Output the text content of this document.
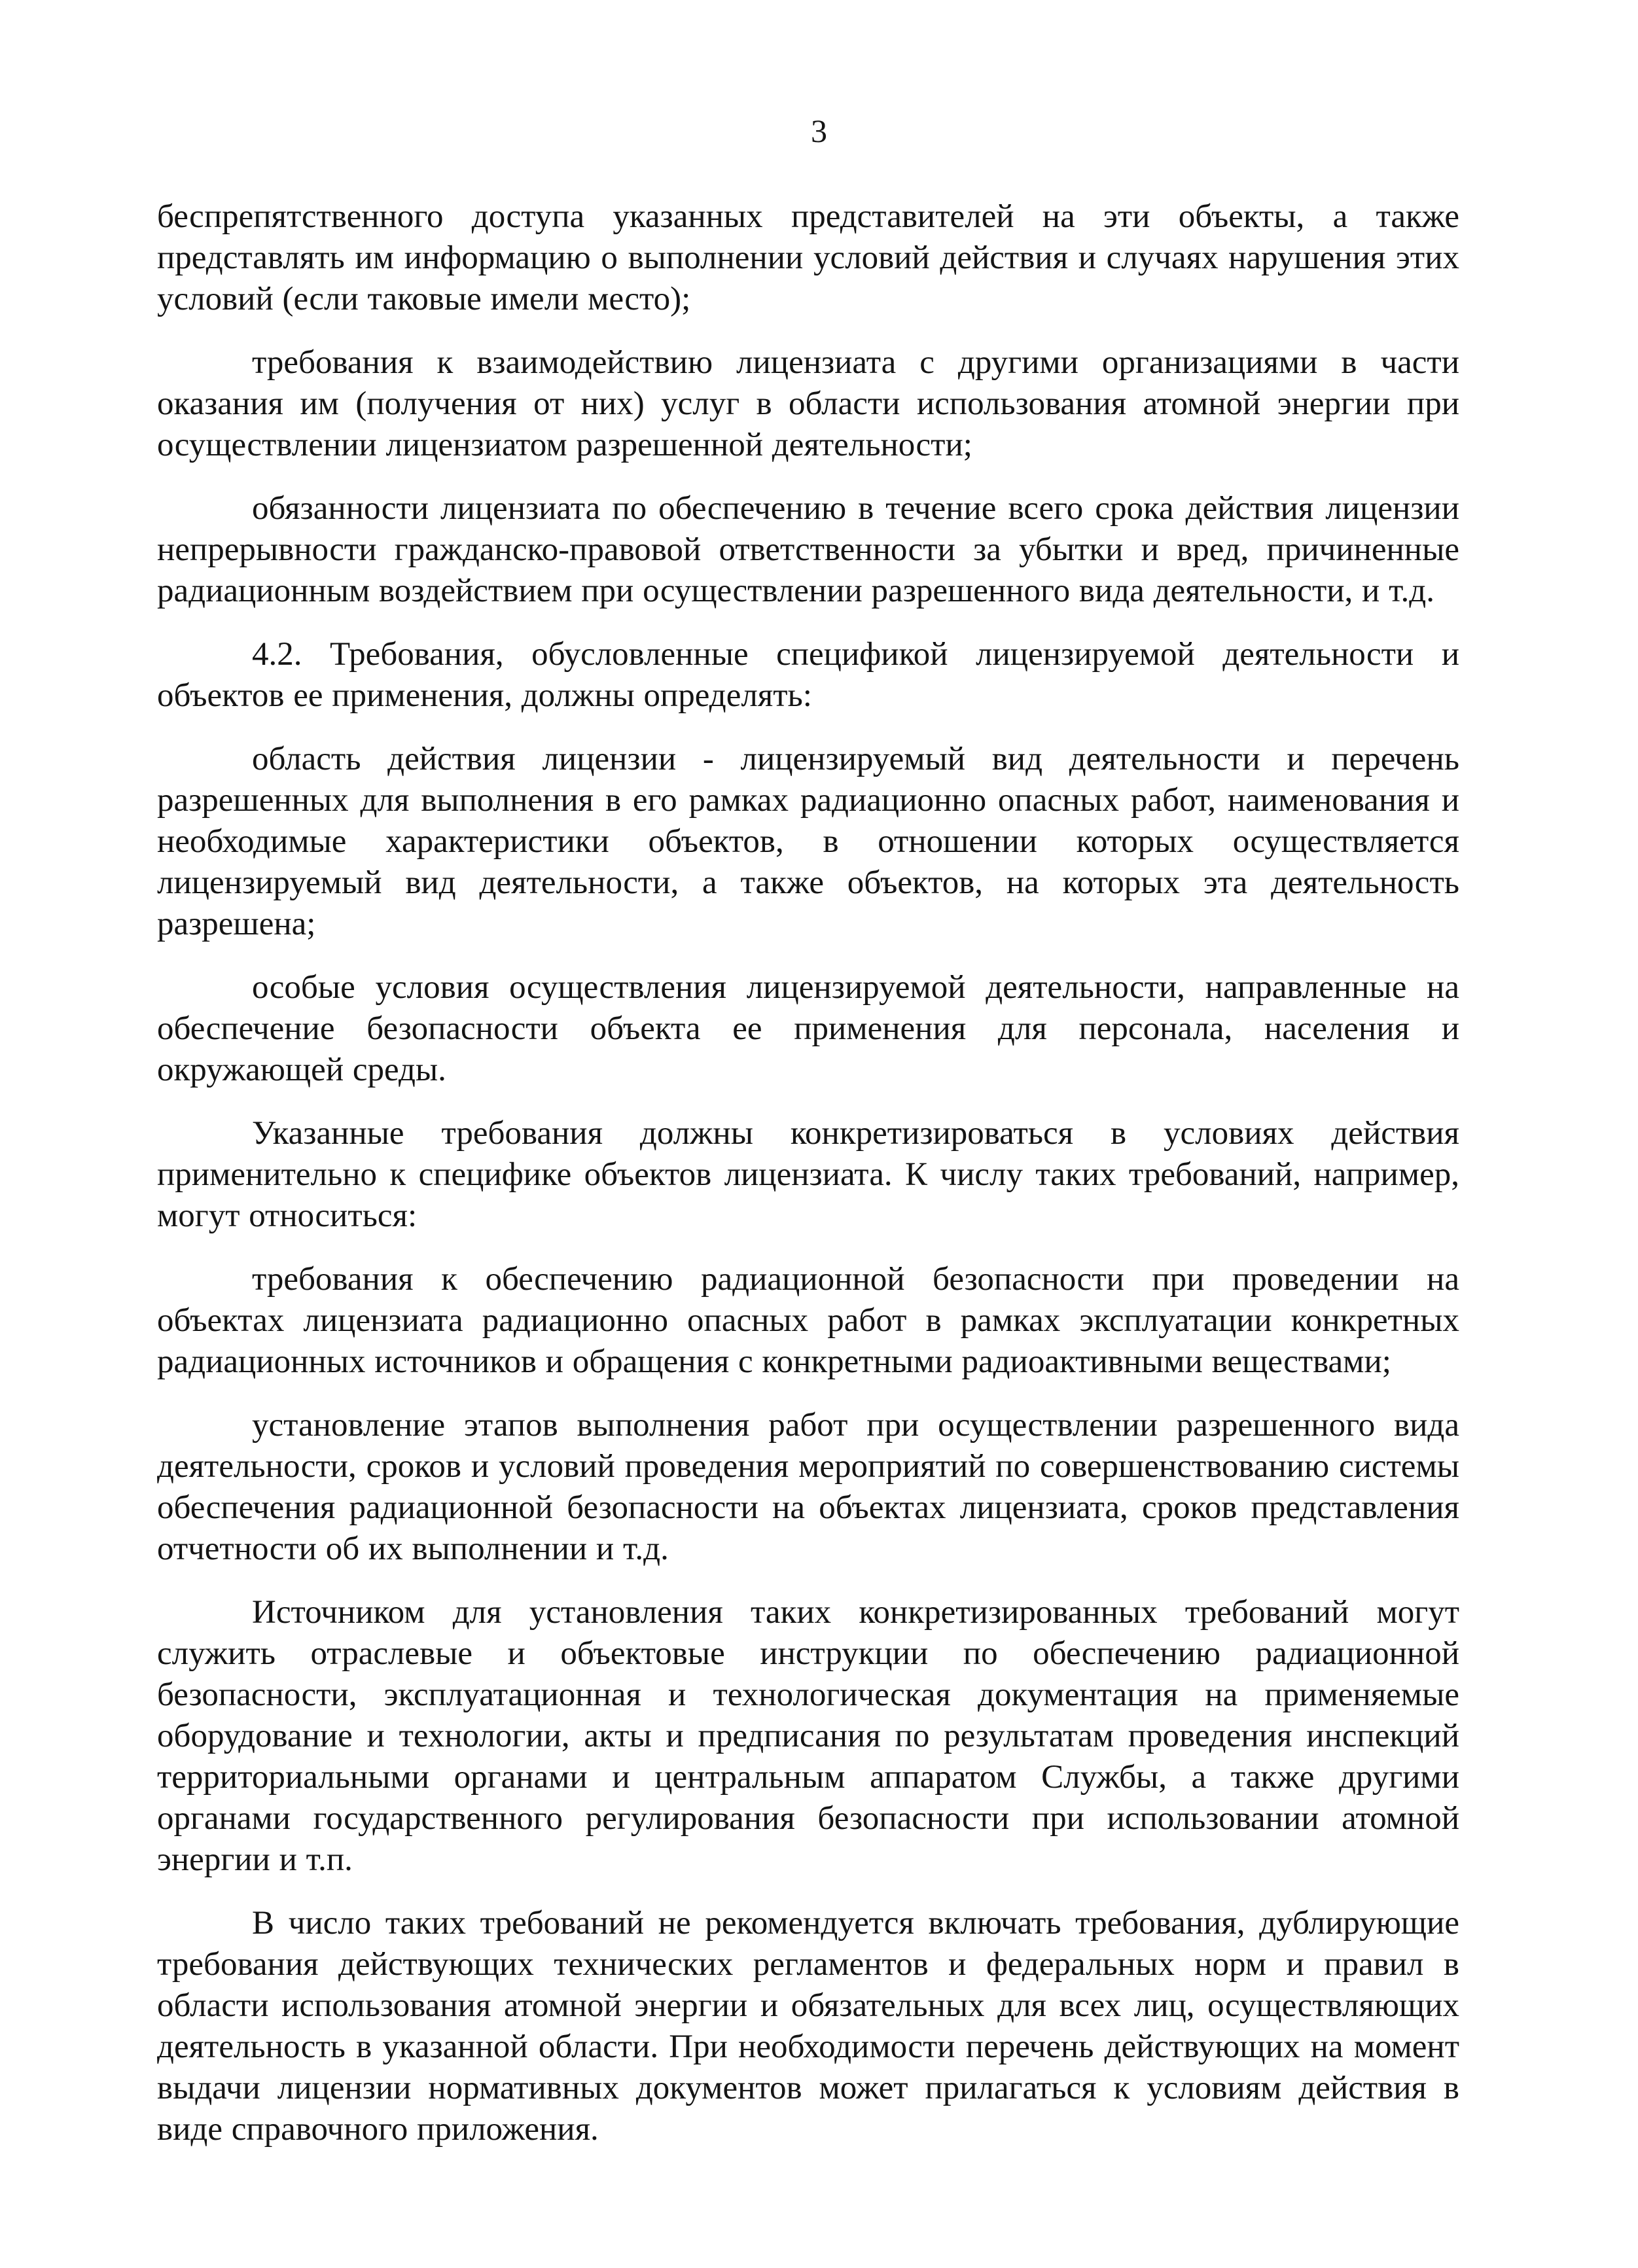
3

беспрепятственного доступа указанных представителей на эти объекты, а также представлять им информацию о выполнении условий действия и случаях нарушения этих условий (если таковые имели место);

требования к взаимодействию лицензиата с другими организациями в части оказания им (получения от них) услуг в области использования атомной энергии при осуществлении лицензиатом разрешенной деятельности;

обязанности лицензиата по обеспечению в течение всего срока действия лицензии непрерывности гражданско-правовой ответственности за убытки и вред, причиненные радиационным воздействием при осуществлении разрешенного вида деятельности, и т.д.

4.2. Требования, обусловленные спецификой лицензируемой деятельности и объектов ее применения, должны определять:

область действия лицензии - лицензируемый вид деятельности и перечень разрешенных для выполнения в его рамках радиационно опасных работ, наименования и необходимые характеристики объектов, в отношении которых осуществляется лицензируемый вид деятельности, а также объектов, на которых эта деятельность разрешена;

особые условия осуществления лицензируемой деятельности, направленные на обеспечение безопасности объекта ее применения для персонала, населения и окружающей среды.

Указанные требования должны конкретизироваться в условиях действия применительно к специфике объектов лицензиата. К числу таких требований, например, могут относиться:

требования к обеспечению радиационной безопасности при проведении на объектах лицензиата радиационно опасных работ в рамках эксплуатации конкретных радиационных источников и обращения с конкретными радиоактивными веществами;

установление этапов выполнения работ при осуществлении разрешенного вида деятельности, сроков и условий проведения мероприятий по совершенствованию системы обеспечения радиационной безопасности на объектах лицензиата, сроков представления отчетности об их выполнении и т.д.

Источником для установления таких конкретизированных требований могут служить отраслевые и объектовые инструкции по обеспечению радиационной безопасности, эксплуатационная и технологическая документация на применяемые оборудование и технологии, акты и предписания по результатам проведения инспекций территориальными органами и центральным аппаратом Службы, а также другими органами государственного регулирования безопасности при использовании атомной энергии и т.п.

В число таких требований не рекомендуется включать требования, дублирующие требования действующих технических регламентов и федеральных норм и правил в области использования атомной энергии и обязательных для всех лиц, осуществляющих деятельность в указанной области. При необходимости перечень действующих на момент выдачи лицензии нормативных документов может прилагаться к условиям действия в виде справочного приложения.
